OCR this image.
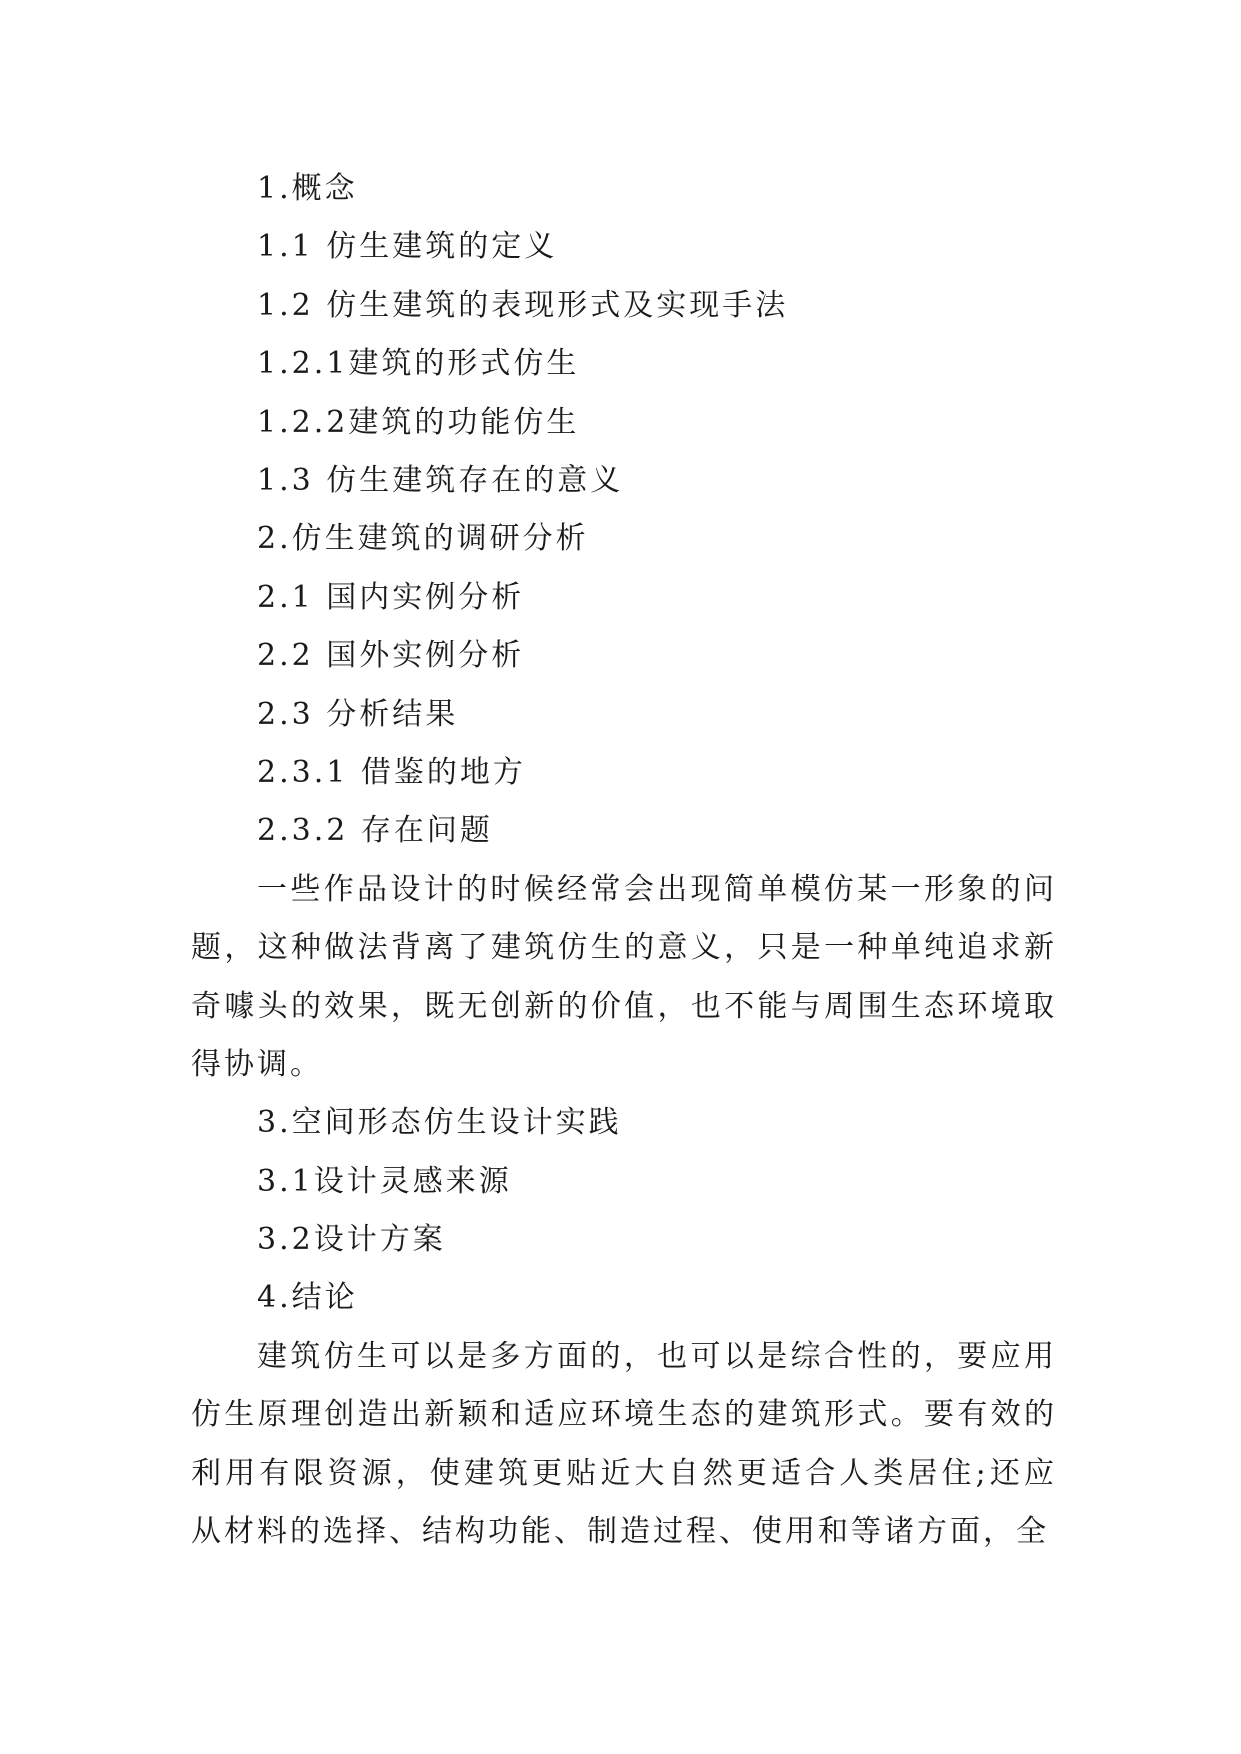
1.概念
1.1 仿生建筑的定义
1.2 仿生建筑的表现形式及实现手法
1.2.1建筑的形式仿生
1.2.2建筑的功能仿生
1.3 仿生建筑存在的意义
2.仿生建筑的调研分析
2.1 国内实例分析
2.2 国外实例分析
2.3 分析结果
2.3.1 借鉴的地方
2.3.2 存在问题

一些作品设计的时候经常会出现简单模仿某一形象的问题，这种做法背离了建筑仿生的意义，只是一种单纯追求新奇噱头的效果，既无创新的价值，也不能与周围生态环境取得协调。

3.空间形态仿生设计实践
3.1设计灵感来源
3.2设计方案
4.结论

建筑仿生可以是多方面的，也可以是综合性的，要应用仿生原理创造出新颖和适应环境生态的建筑形式。要有效的利用有限资源，使建筑更贴近大自然更适合人类居住;还应从材料的选择、结构功能、制造过程、使用和等诸方面，全
